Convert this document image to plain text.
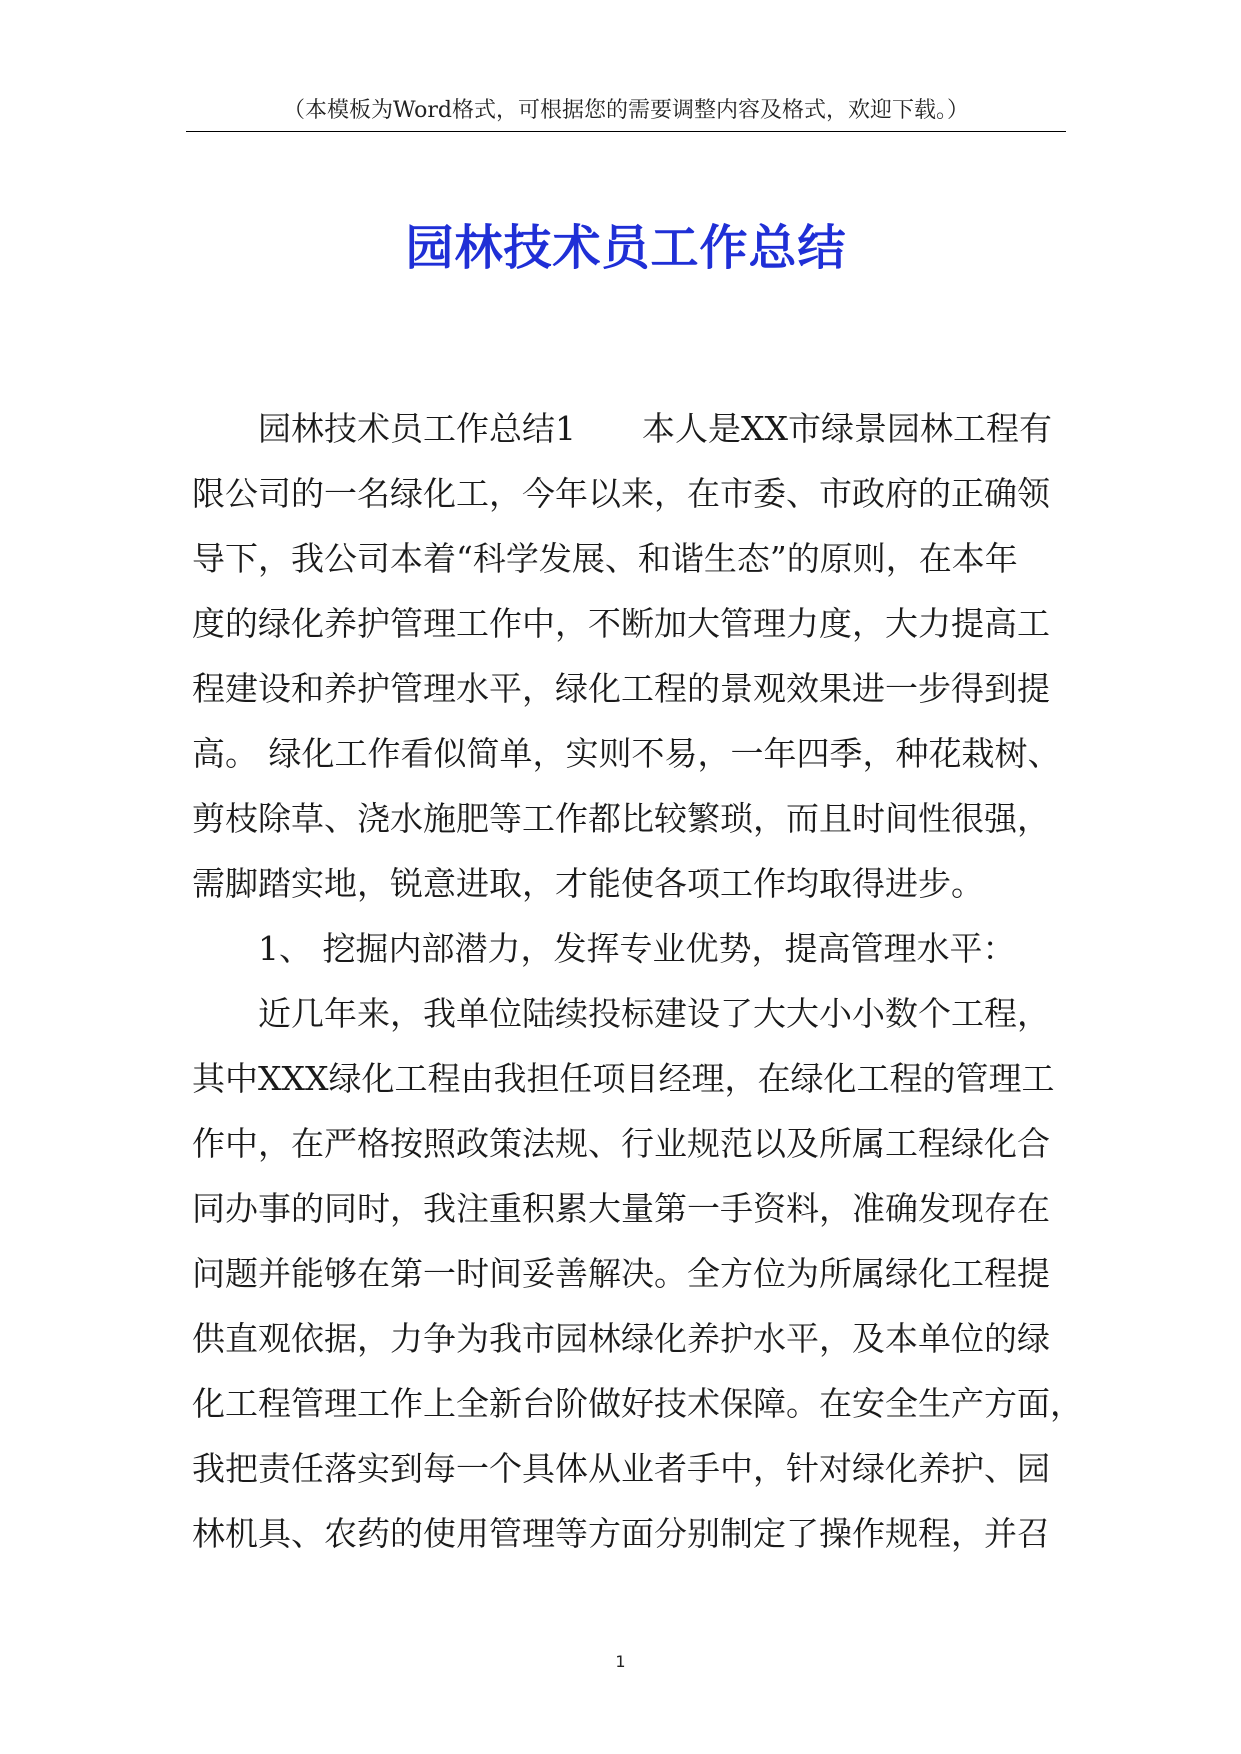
（本模板为Word格式，可根据您的需要调整内容及格式，欢迎下载。）
园林技术员工作总结
园林技术员工作总结1　　本人是XX市绿景园林工程有
限公司的一名绿化工，今年以来，在市委、市政府的正确领
导下，我公司本着“科学发展、和谐生态”的原则，在本年
度的绿化养护管理工作中，不断加大管理力度，大力提高工
程建设和养护管理水平，绿化工程的景观效果进一步得到提
高。 绿化工作看似简单，实则不易，一年四季，种花栽树、
剪枝除草、浇水施肥等工作都比较繁琐，而且时间性很强，
需脚踏实地，锐意进取，才能使各项工作均取得进步。
1、 挖掘内部潜力，发挥专业优势，提高管理水平：
近几年来，我单位陆续投标建设了大大小小数个工程，
其中XXX绿化工程由我担任项目经理，在绿化工程的管理工
作中，在严格按照政策法规、行业规范以及所属工程绿化合
同办事的同时，我注重积累大量第一手资料，准确发现存在
问题并能够在第一时间妥善解决。全方位为所属绿化工程提
供直观依据，力争为我市园林绿化养护水平，及本单位的绿
化工程管理工作上全新台阶做好技术保障。在安全生产方面，
我把责任落实到每一个具体从业者手中，针对绿化养护、园
林机具、农药的使用管理等方面分别制定了操作规程，并召
1
